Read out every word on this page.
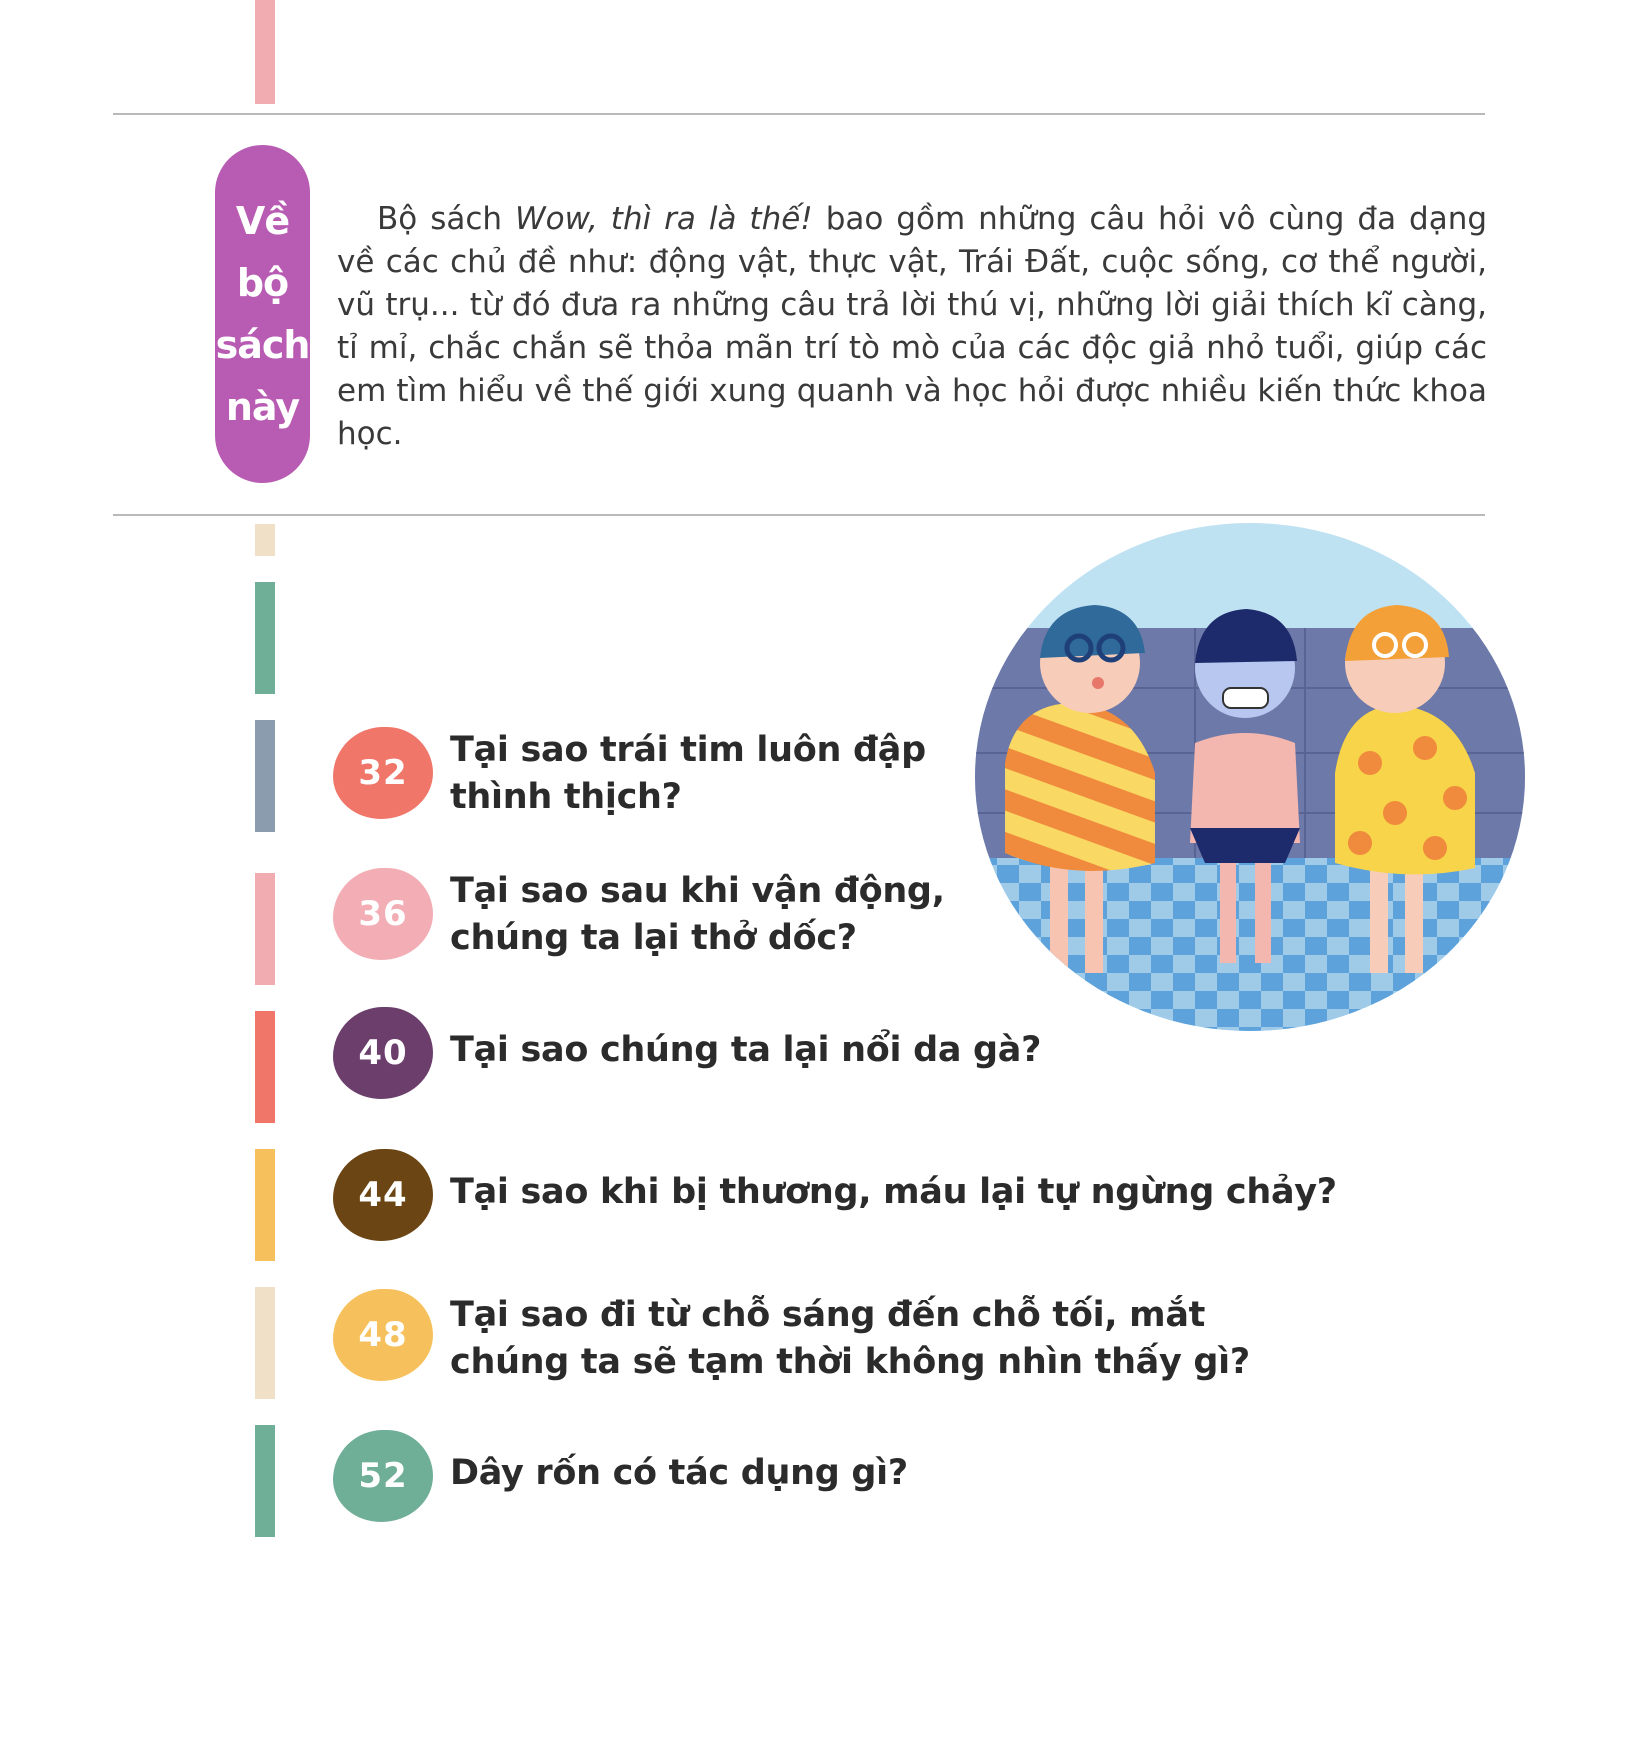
Về
bộ
sách
này

Bộ sách Wow, thì ra là thế! bao gồm những câu hỏi vô cùng đa dạng về các chủ đề như: động vật, thực vật, Trái Đất, cuộc sống, cơ thể người, vũ trụ... từ đó đưa ra những câu trả lời thú vị, những lời giải thích kĩ càng, tỉ mỉ, chắc chắn sẽ thỏa mãn trí tò mò của các độc giả nhỏ tuổi, giúp các em tìm hiểu về thế giới xung quanh và học hỏi được nhiều kiến thức khoa học.

32
Tại sao trái tim luôn đập
thình thịch?
36
Tại sao sau khi vận động,
chúng ta lại thở dốc?
40 Tại sao chúng ta lại nổi da gà?
44 Tại sao khi bị thương, máu lại tự ngừng chảy?
48 Tại sao đi từ chỗ sáng đến chỗ tối, mắt
chúng ta sẽ tạm thời không nhìn thấy gì?
52 Dây rốn có tác dụng gì?
